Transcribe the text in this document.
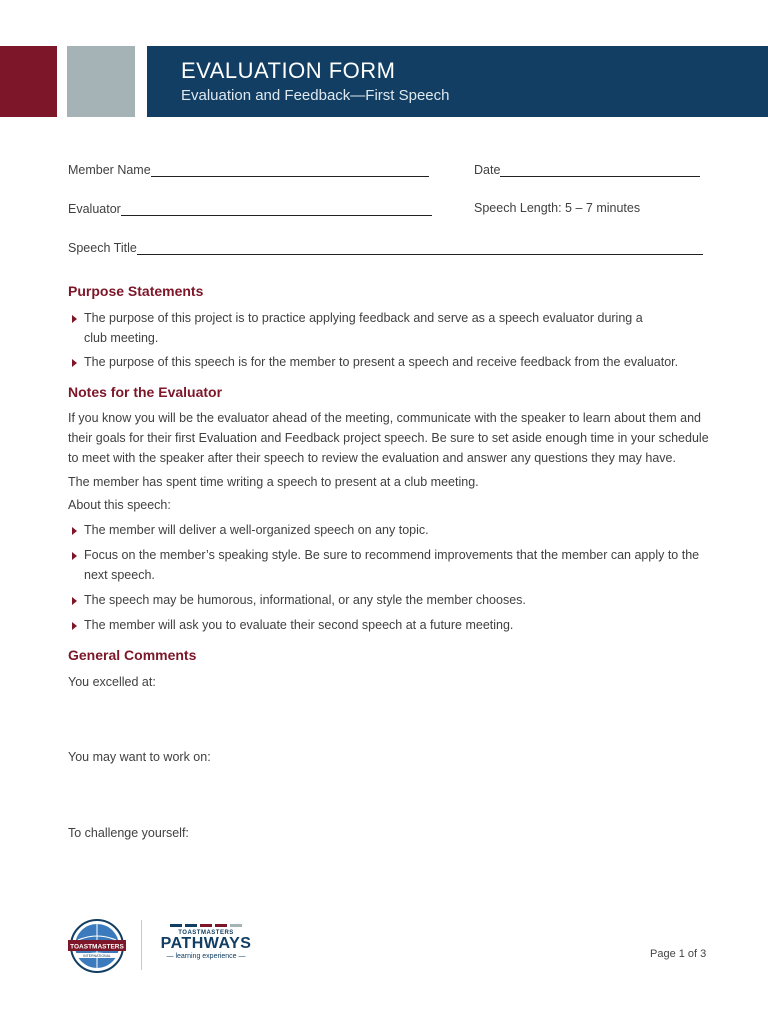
EVALUATION FORM
Evaluation and Feedback—First Speech
Member Name	Date
Evaluator	Speech Length: 5 – 7 minutes
Speech Title
Purpose Statements
The purpose of this project is to practice applying feedback and serve as a speech evaluator during a
club meeting.
The purpose of this speech is for the member to present a speech and receive feedback from the evaluator.
Notes for the Evaluator
If you know you will be the evaluator ahead of the meeting, communicate with the speaker to learn about them and
their goals for their first Evaluation and Feedback project speech. Be sure to set aside enough time in your schedule
to meet with the speaker after their speech to review the evaluation and answer any questions they may have.
The member has spent time writing a speech to present at a club meeting.
About this speech:
The member will deliver a well-organized speech on any topic.
Focus on the member’s speaking style. Be sure to recommend improvements that the member can apply to the
next speech.
The speech may be humorous, informational, or any style the member chooses.
The member will ask you to evaluate their second speech at a future meeting.
General Comments
You excelled at:
You may want to work on:
To challenge yourself:
TOASTMASTERS
INTERNATIONAL
TOASTMASTERS
PATHWAYS
— learning experience —	Page 1 of 3
